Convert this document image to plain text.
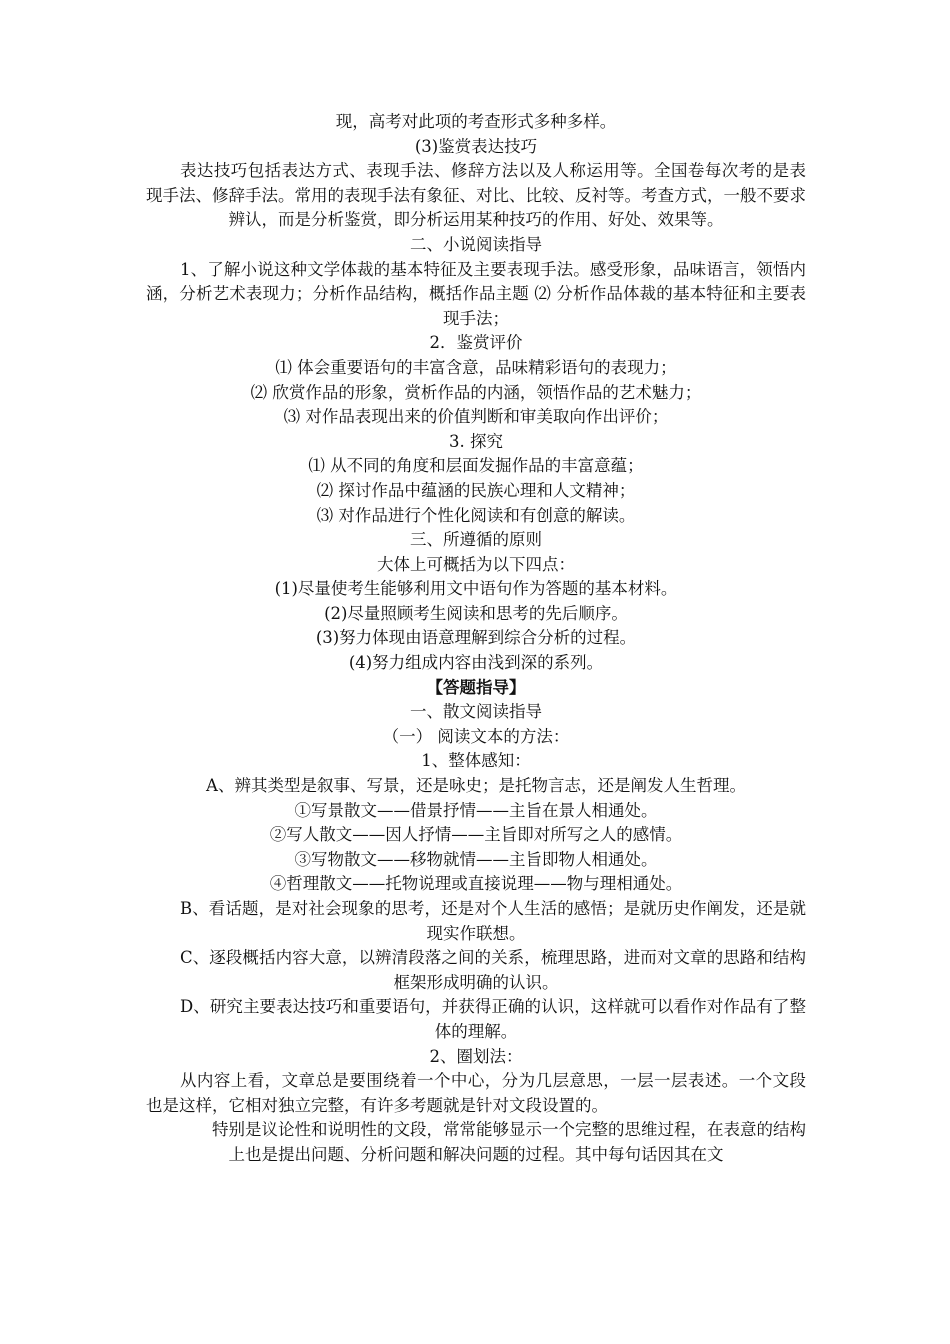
现，高考对此项的考查形式多种多样。

(3)鉴赏表达技巧

表达技巧包括表达方式、表现手法、修辞方法以及人称运用等。全国卷每次考的是表现手法、修辞手法。常用的表现手法有象征、对比、比较、反衬等。考查方式，一般不要求辨认，而是分析鉴赏，即分析运用某种技巧的作用、好处、效果等。

二、小说阅读指导

1、了解小说这种文学体裁的基本特征及主要表现手法。感受形象，品味语言，领悟内涵，分析艺术表现力；分析作品结构，概括作品主题 ⑵ 分析作品体裁的基本特征和主要表现手法；

2．鉴赏评价

⑴ 体会重要语句的丰富含意，品味精彩语句的表现力；

⑵ 欣赏作品的形象，赏析作品的内涵，领悟作品的艺术魅力；

⑶ 对作品表现出来的价值判断和审美取向作出评价；

3. 探究

⑴ 从不同的角度和层面发掘作品的丰富意蕴；

⑵ 探讨作品中蕴涵的民族心理和人文精神；

⑶ 对作品进行个性化阅读和有创意的解读。

三、所遵循的原则

大体上可概括为以下四点：

(1)尽量使考生能够利用文中语句作为答题的基本材料。

(2)尽量照顾考生阅读和思考的先后顺序。

(3)努力体现由语意理解到综合分析的过程。

(4)努力组成内容由浅到深的系列。

【答题指导】

一、散文阅读指导

（一） 阅读文本的方法：

1、整体感知：

A、辨其类型是叙事、写景，还是咏史；是托物言志，还是阐发人生哲理。

①写景散文——借景抒情——主旨在景人相通处。

②写人散文——因人抒情——主旨即对所写之人的感情。

③写物散文——移物就情——主旨即物人相通处。

④哲理散文——托物说理或直接说理——物与理相通处。

B、看话题，是对社会现象的思考，还是对个人生活的感悟；是就历史作阐发，还是就现实作联想。

C、逐段概括内容大意，以辨清段落之间的关系，梳理思路，进而对文章的思路和结构框架形成明确的认识。

D、研究主要表达技巧和重要语句，并获得正确的认识，这样就可以看作对作品有了整体的理解。

2、圈划法：

从内容上看，文章总是要围绕着一个中心，分为几层意思，一层一层表述。一个文段也是这样，它相对独立完整，有许多考题就是针对文段设置的。

特别是议论性和说明性的文段，常常能够显示一个完整的思维过程，在表意的结构上也是提出问题、分析问题和解决问题的过程。其中每句话因其在文
